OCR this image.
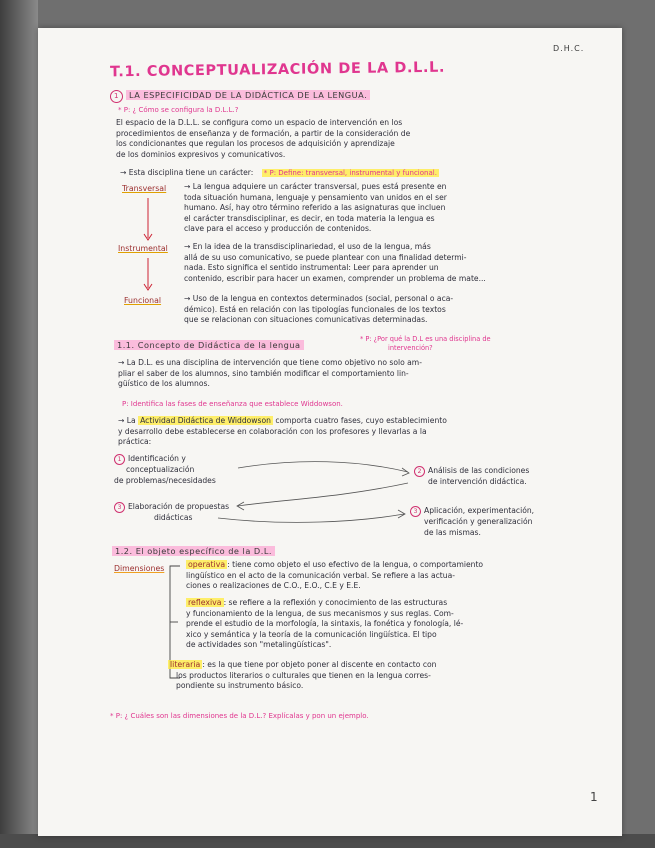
D.H.C.
T.1. CONCEPTUALIZACIÓN DE LA D.L.L.
1 LA ESPECIFICIDAD DE LA DIDÁCTICA DE LA LENGUA.
* P: ¿ Cómo se configura la D.L.L.?
El espacio de la D.L.L. se configura como un espacio de intervención en los
procedimientos de enseñanza y de formación, a partir de la consideración de
los condicionantes que regulan los procesos de adquisición y aprendizaje
de los dominios expresivos y comunicativos.
→ Esta disciplina tiene un carácter: * P: Define: transversal, instrumental y funcional.
Transversal → La lengua adquiere un carácter transversal, pues está presente en
toda situación humana, lenguaje y pensamiento van unidos en el ser
humano. Así, hay otro término referido a las asignaturas que incluen
el carácter transdisciplinar, es decir, en toda materia la lengua es
clave para el acceso y producción de contenidos.
Instrumental → En la idea de la transdisciplinariedad, el uso de la lengua, más
allá de su uso comunicativo, se puede plantear con una finalidad determi-
nada. Esto significa el sentido instrumental: Leer para aprender un
contenido, escribir para hacer un examen, comprender un problema de mate...
Funcional	→ Uso de la lengua en contextos determinados (social, personal o aca-
démico). Está en relación con las tipologías funcionales de los textos
que se relacionan con situaciones comunicativas determinadas.
1.1. Concepto de Didáctica de la lengua
* P: ¿Por qué la D.L es una disciplina de
intervención?
→ La D.L. es una disciplina de intervención que tiene como objetivo no solo am-
pliar el saber de los alumnos, sino también modificar el comportamiento lin-
güístico de los alumnos.
P: Identifica las fases de enseñanza que establece Widdowson.
→ La Actividad Didáctica de Widdowson comporta cuatro fases, cuyo establecimiento
y desarrollo debe establecerse en colaboración con los profesores y llevarlas a la
práctica:
1 Identificación y
conceptualización
de problemas/necesidades
2 Análisis de las condiciones
de intervención didáctica.
3 Elaboración de propuestas
didácticas
3 Aplicación, experimentación,
verificación y generalización
de las mismas.
1.2. El objeto específico de la D.L.
Dimensiones	operativa : tiene como objeto el uso efectivo de la lengua, o comportamiento
lingüístico en el acto de la comunicación verbal. Se refiere a las actua-
ciones o realizaciones de C.O., E.O., C.E y E.E.
reflexiva : se refiere a la reflexión y conocimiento de las estructuras
y funcionamiento de la lengua, de sus mecanismos y sus reglas. Com-
prende el estudio de la morfología, la sintaxis, la fonética y fonología, lé-
xico y semántica y la teoría de la comunicación lingüística. El tipo
de actividades son "metalingüísticas".
literaria : es la que tiene por objeto poner al discente en contacto con
los productos literarios o culturales que tienen en la lengua corres-
pondiente su instrumento básico.
* P: ¿ Cuáles son las dimensiones de la D.L.? Explícalas y pon un ejemplo.
1
